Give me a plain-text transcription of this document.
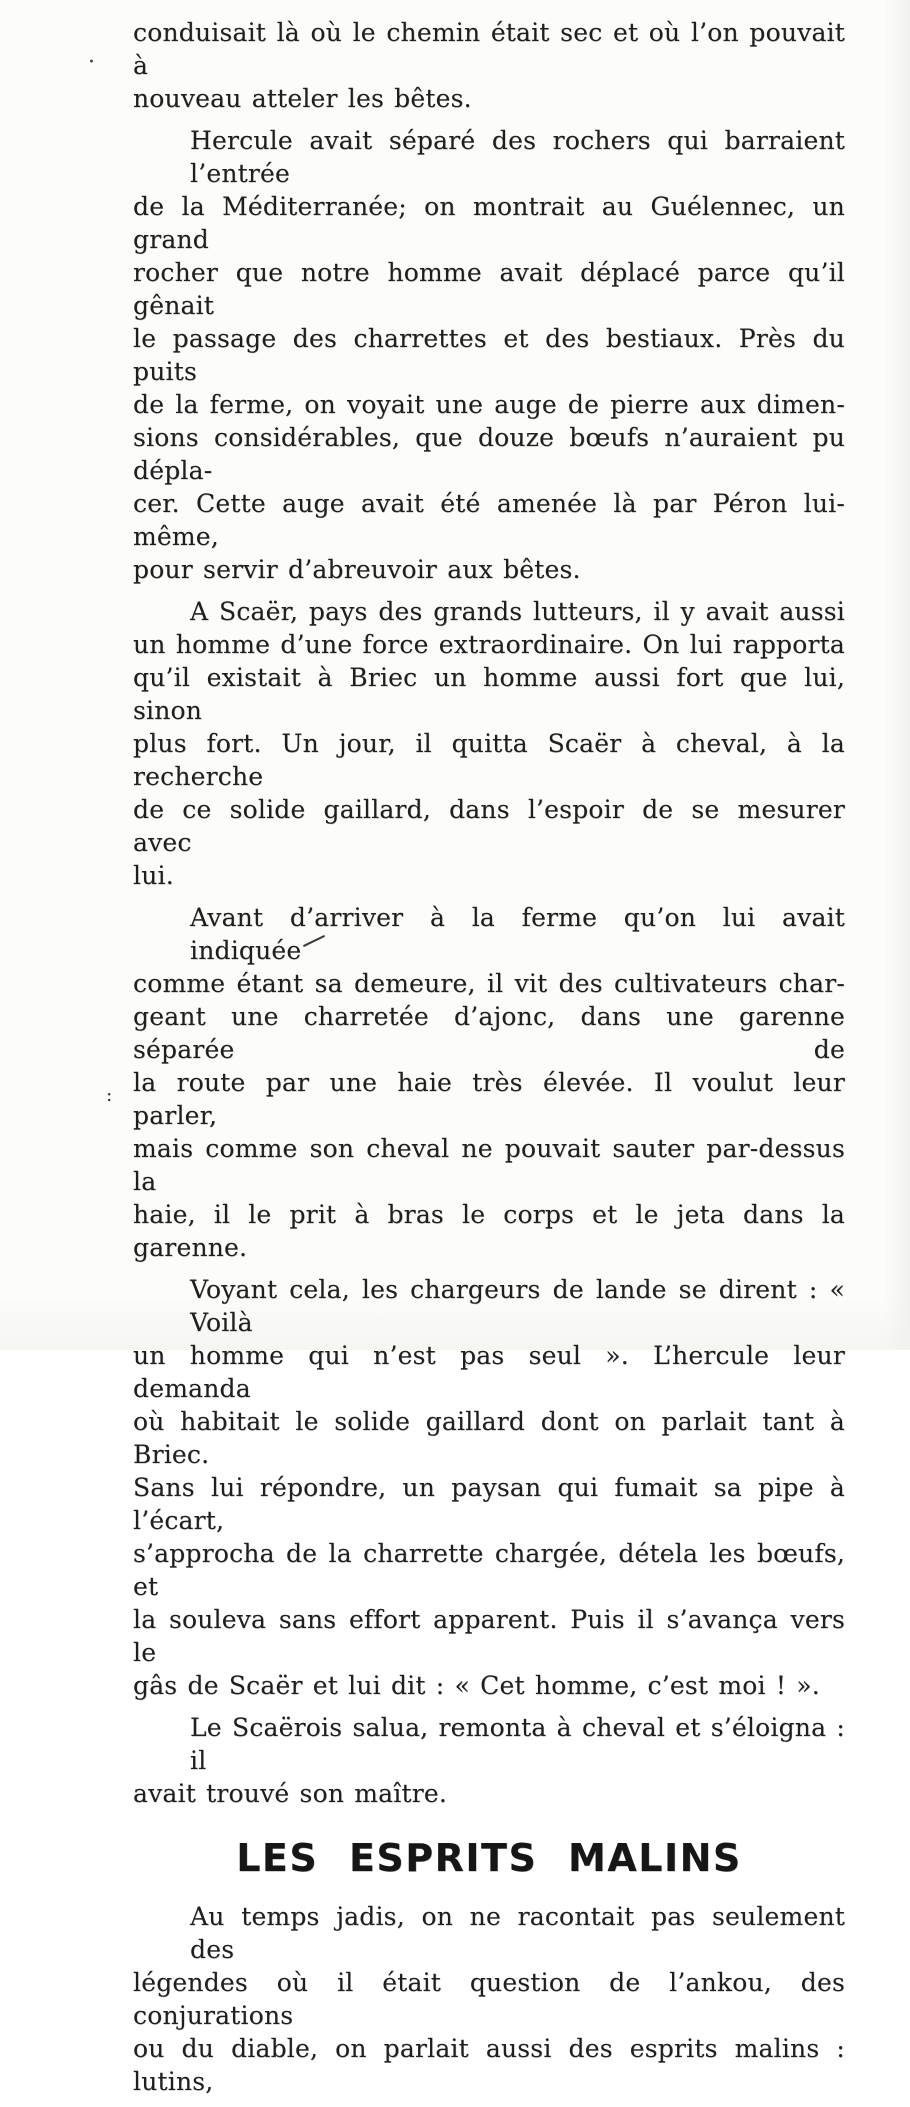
conduisait là où le chemin était sec et où l’on pouvait à
nouveau atteler les bêtes.
Hercule avait séparé des rochers qui barraient l’entrée
de la Méditerranée; on montrait au Guélennec, un grand
rocher que notre homme avait déplacé parce qu’il gênait
le passage des charrettes et des bestiaux. Près du puits
de la ferme, on voyait une auge de pierre aux dimen-
sions considérables, que douze bœufs n’auraient pu dépla-
cer. Cette auge avait été amenée là par Péron lui-même,
pour servir d’abreuvoir aux bêtes.
A Scaër, pays des grands lutteurs, il y avait aussi
un homme d’une force extraordinaire. On lui rapporta
qu’il existait à Briec un homme aussi fort que lui, sinon
plus fort. Un jour, il quitta Scaër à cheval, à la recherche
de ce solide gaillard, dans l’espoir de se mesurer avec
lui.
Avant d’arriver à la ferme qu’on lui avait indiquée
comme étant sa demeure, il vit des cultivateurs char-
geant une charretée d’ajonc, dans une garenne séparée de
la route par une haie très élevée. Il voulut leur parler,
mais comme son cheval ne pouvait sauter par-dessus la
haie, il le prit à bras le corps et le jeta dans la garenne.
Voyant cela, les chargeurs de lande se dirent : « Voilà
un homme qui n’est pas seul ». L’hercule leur demanda
où habitait le solide gaillard dont on parlait tant à Briec.
Sans lui répondre, un paysan qui fumait sa pipe à l’écart,
s’approcha de la charrette chargée, détela les bœufs, et
la souleva sans effort apparent. Puis il s’avança vers le
gâs de Scaër et lui dit : « Cet homme, c’est moi ! ».
Le Scaërois salua, remonta à cheval et s’éloigna : il
avait trouvé son maître.
LES ESPRITS MALINS
Au temps jadis, on ne racontait pas seulement des
légendes où il était question de l’ankou, des conjurations
ou du diable, on parlait aussi des esprits malins : lutins,
·
:
